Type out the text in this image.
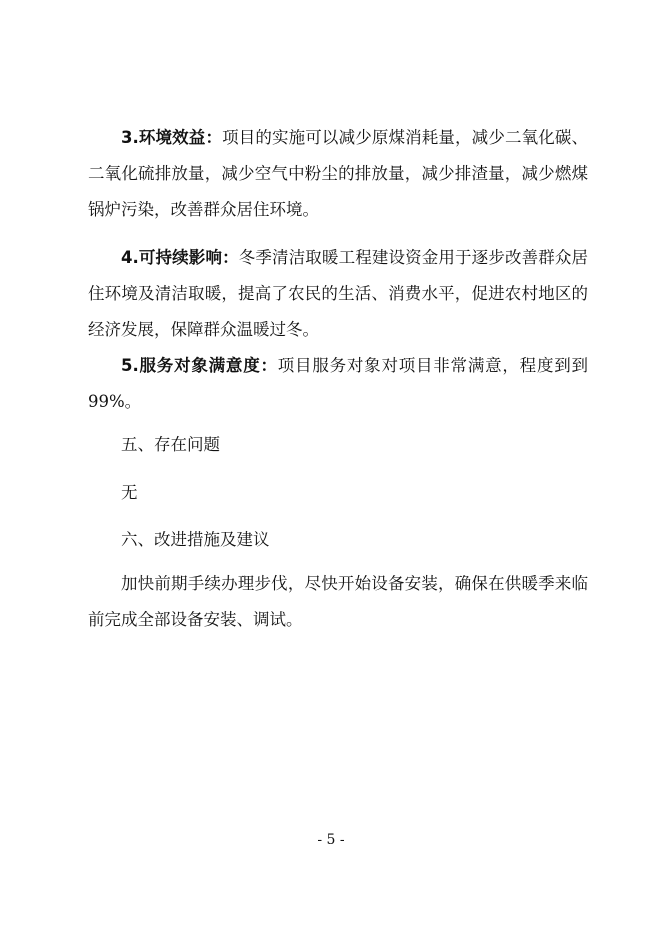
3.环境效益：项目的实施可以减少原煤消耗量，减少二氧化碳、二氧化硫排放量，减少空气中粉尘的排放量，减少排渣量，减少燃煤锅炉污染，改善群众居住环境。

4.可持续影响：冬季清洁取暖工程建设资金用于逐步改善群众居住环境及清洁取暖，提高了农民的生活、消费水平，促进农村地区的经济发展，保障群众温暖过冬。

5.服务对象满意度：项目服务对象对项目非常满意，程度到到 99%。

五、存在问题

无

六、改进措施及建议

加快前期手续办理步伐，尽快开始设备安装，确保在供暖季来临前完成全部设备安装、调试。

- 5 -
